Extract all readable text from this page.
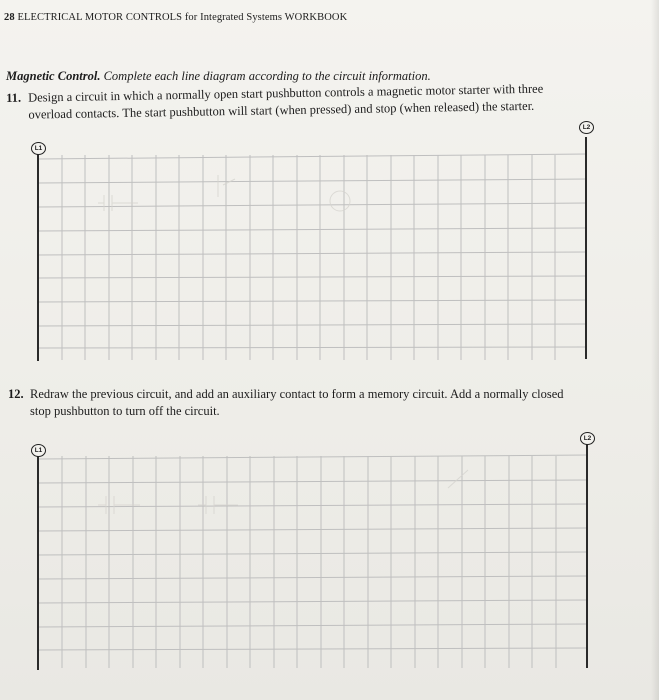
28 ELECTRICAL MOTOR CONTROLS for Integrated Systems WORKBOOK
Magnetic Control. Complete each line diagram according to the circuit information.
11. Design a circuit in which a normally open start pushbutton controls a magnetic motor starter with three
overload contacts. The start pushbutton will start (when pressed) and stop (when released) the starter.
L1
L2
12. Redraw the previous circuit, and add an auxiliary contact to form a memory circuit. Add a normally closed
stop pushbutton to turn off the circuit.
L1
L2
